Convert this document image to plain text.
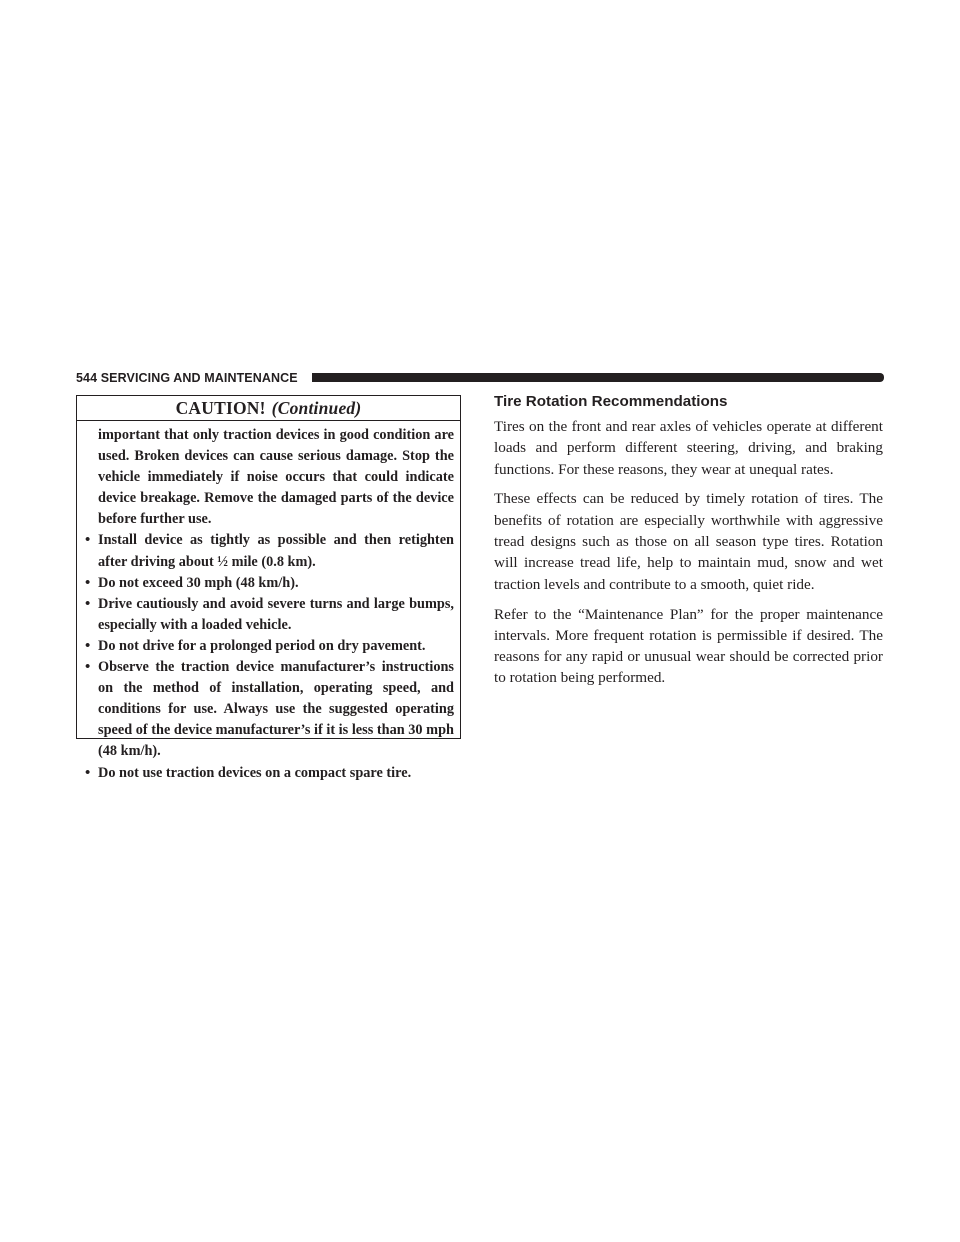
544 SERVICING AND MAINTENANCE
CAUTION! (Continued)

important that only traction devices in good condition are used. Broken devices can cause serious damage. Stop the vehicle immediately if noise occurs that could indicate device breakage. Remove the damaged parts of the device before further use.

• Install device as tightly as possible and then retighten after driving about ½ mile (0.8 km).

• Do not exceed 30 mph (48 km/h).

• Drive cautiously and avoid severe turns and large bumps, especially with a loaded vehicle.

• Do not drive for a prolonged period on dry pavement.

• Observe the traction device manufacturer’s instructions on the method of installation, operating speed, and conditions for use. Always use the suggested operating speed of the device manufacturer’s if it is less than 30 mph (48 km/h).

• Do not use traction devices on a compact spare tire.

Tire Rotation Recommendations

Tires on the front and rear axles of vehicles operate at different loads and perform different steering, driving, and braking functions. For these reasons, they wear at unequal rates.

These effects can be reduced by timely rotation of tires. The benefits of rotation are especially worthwhile with aggressive tread designs such as those on all season type tires. Rotation will increase tread life, help to maintain mud, snow and wet traction levels and contribute to a smooth, quiet ride.

Refer to the “Maintenance Plan” for the proper maintenance intervals. More frequent rotation is permissible if desired. The reasons for any rapid or unusual wear should be corrected prior to rotation being performed.
